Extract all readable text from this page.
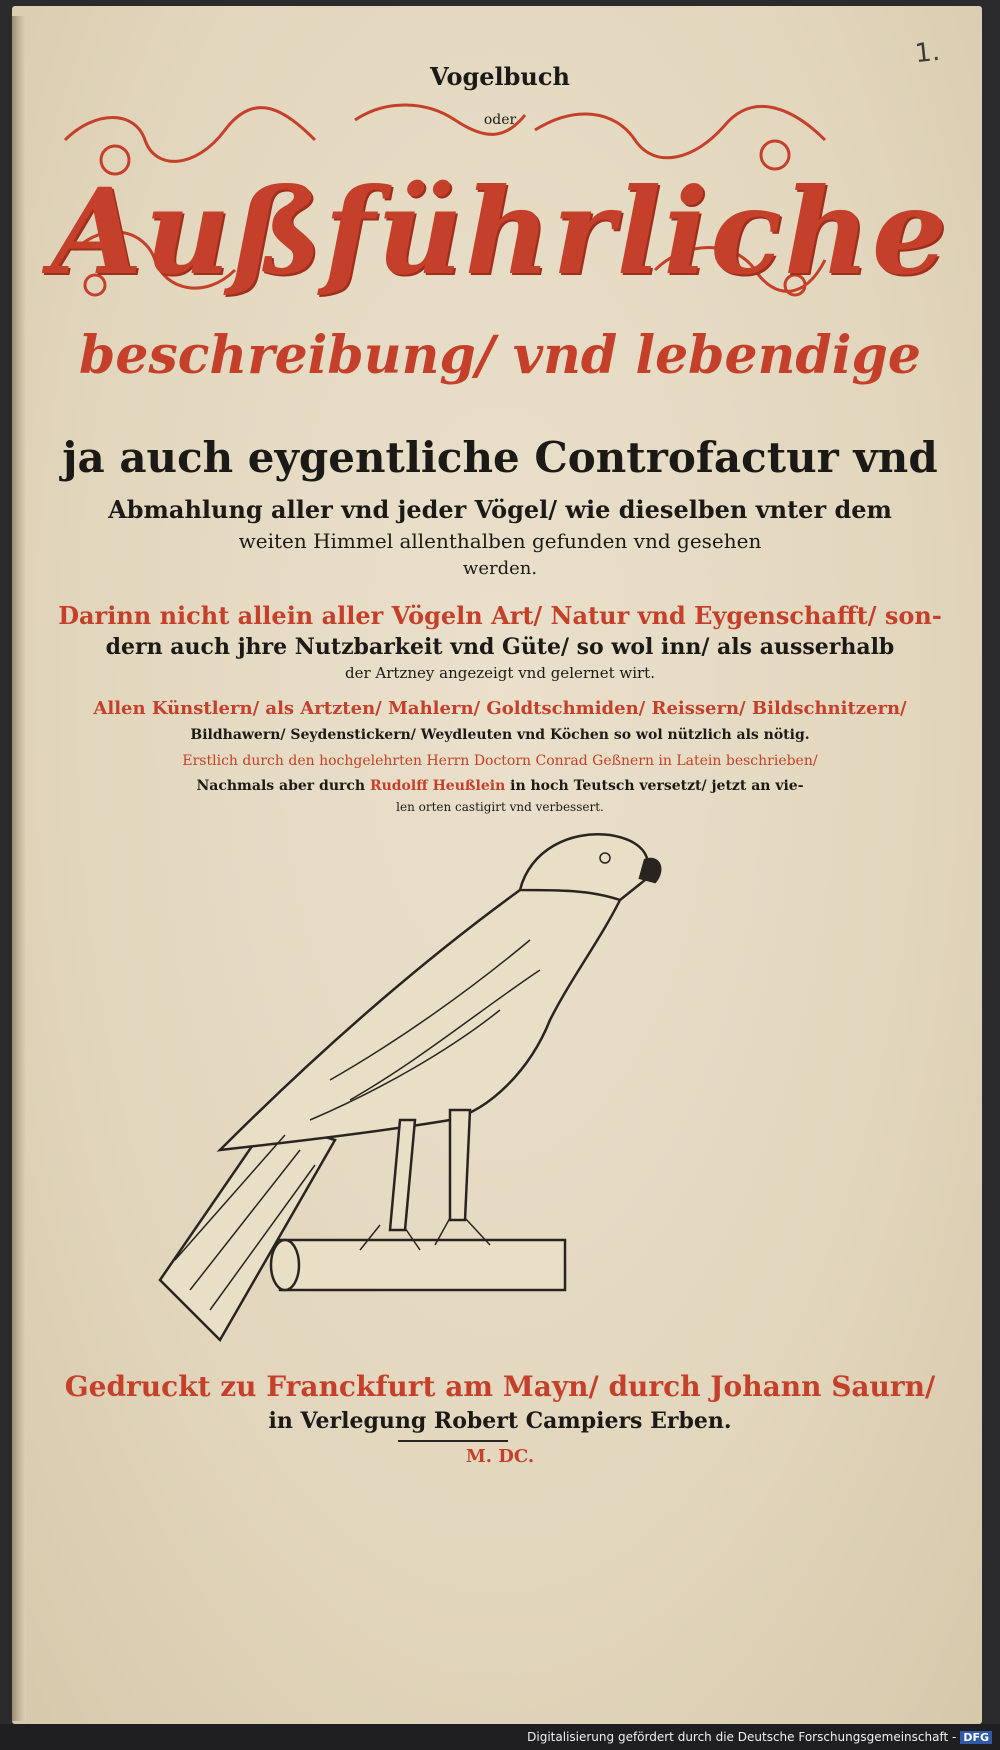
1.
Vogelbuch
oder
Außführliche
beschreibung/ vnd lebendige
ja auch eygentliche Controfactur vnd
Abmahlung aller vnd jeder Vögel/ wie dieselben vnter dem
weiten Himmel allenthalben gefunden vnd gesehen
werden.
Darinn nicht allein aller Vögeln Art/ Natur vnd Eygenschafft/ son-
dern auch jhre Nutzbarkeit vnd Güte/ so wol inn/ als ausserhalb
der Artzney angezeigt vnd gelernet wirt.
Allen Künstlern/ als Artzten/ Mahlern/ Goldtschmiden/ Reissern/ Bildschnitzern/
Bildhawern/ Seydenstickern/ Weydleuten vnd Köchen so wol nützlich als nötig.
Erstlich durch den hochgelehrten Herrn Doctorn Conrad Geßnern in Latein beschrieben/
Nachmals aber durch Rudolff Heußlein in hoch Teutsch versetzt/ jetzt an vie-
len orten castigirt vnd verbessert.
Gedruckt zu Franckfurt am Mayn/ durch Johann Saurn/
in Verlegung Robert Campiers Erben.
M. DC.
Digitalisierung gefördert durch die Deutsche Forschungsgemeinschaft - DFG
